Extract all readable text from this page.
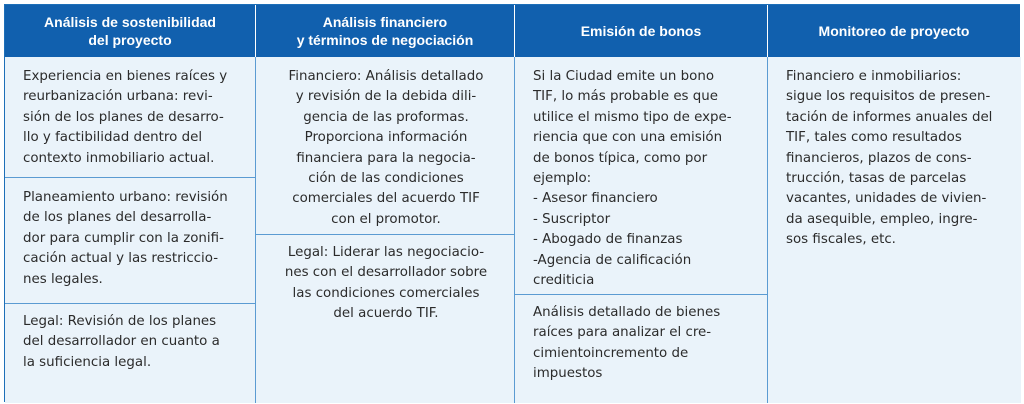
Análisis de sostenibilidad
del proyecto
Análisis financiero
y términos de negociación
Emisión de bonos	Monitoreo de proyecto
Experiencia en bienes raíces y
reurbanización urbana: revi-
sión de los planes de desarro-
llo y factibilidad dentro del
contexto inmobiliario actual.
Planeamiento urbano: revisión
de los planes del desarrolla-
dor para cumplir con la zonifi-
cación actual y las restriccio-
nes legales.
Legal: Revisión de los planes
del desarrollador en cuanto a
la suficiencia legal.
Financiero: Análisis detallado
y revisión de la debida dili-
gencia de las proformas.
Proporciona información
financiera para la negocia-
ción de las condiciones
comerciales del acuerdo TIF
con el promotor.
Legal: Liderar las negociacio-
nes con el desarrollador sobre
las condiciones comerciales
del acuerdo TIF.
Si la Ciudad emite un bono
TIF, lo más probable es que
utilice el mismo tipo de expe-
riencia que con una emisión
de bonos típica, como por
ejemplo:
- Asesor financiero
- Suscriptor
- Abogado de finanzas
-Agencia de calificación
crediticia
Análisis detallado de bienes
raíces para analizar el cre-
cimientoincremento de
impuestos
Financiero e inmobiliarios:
sigue los requisitos de presen-
tación de informes anuales del
TIF, tales como resultados
financieros, plazos de cons-
trucción, tasas de parcelas
vacantes, unidades de vivien-
da asequible, empleo, ingre-
sos fiscales, etc.
